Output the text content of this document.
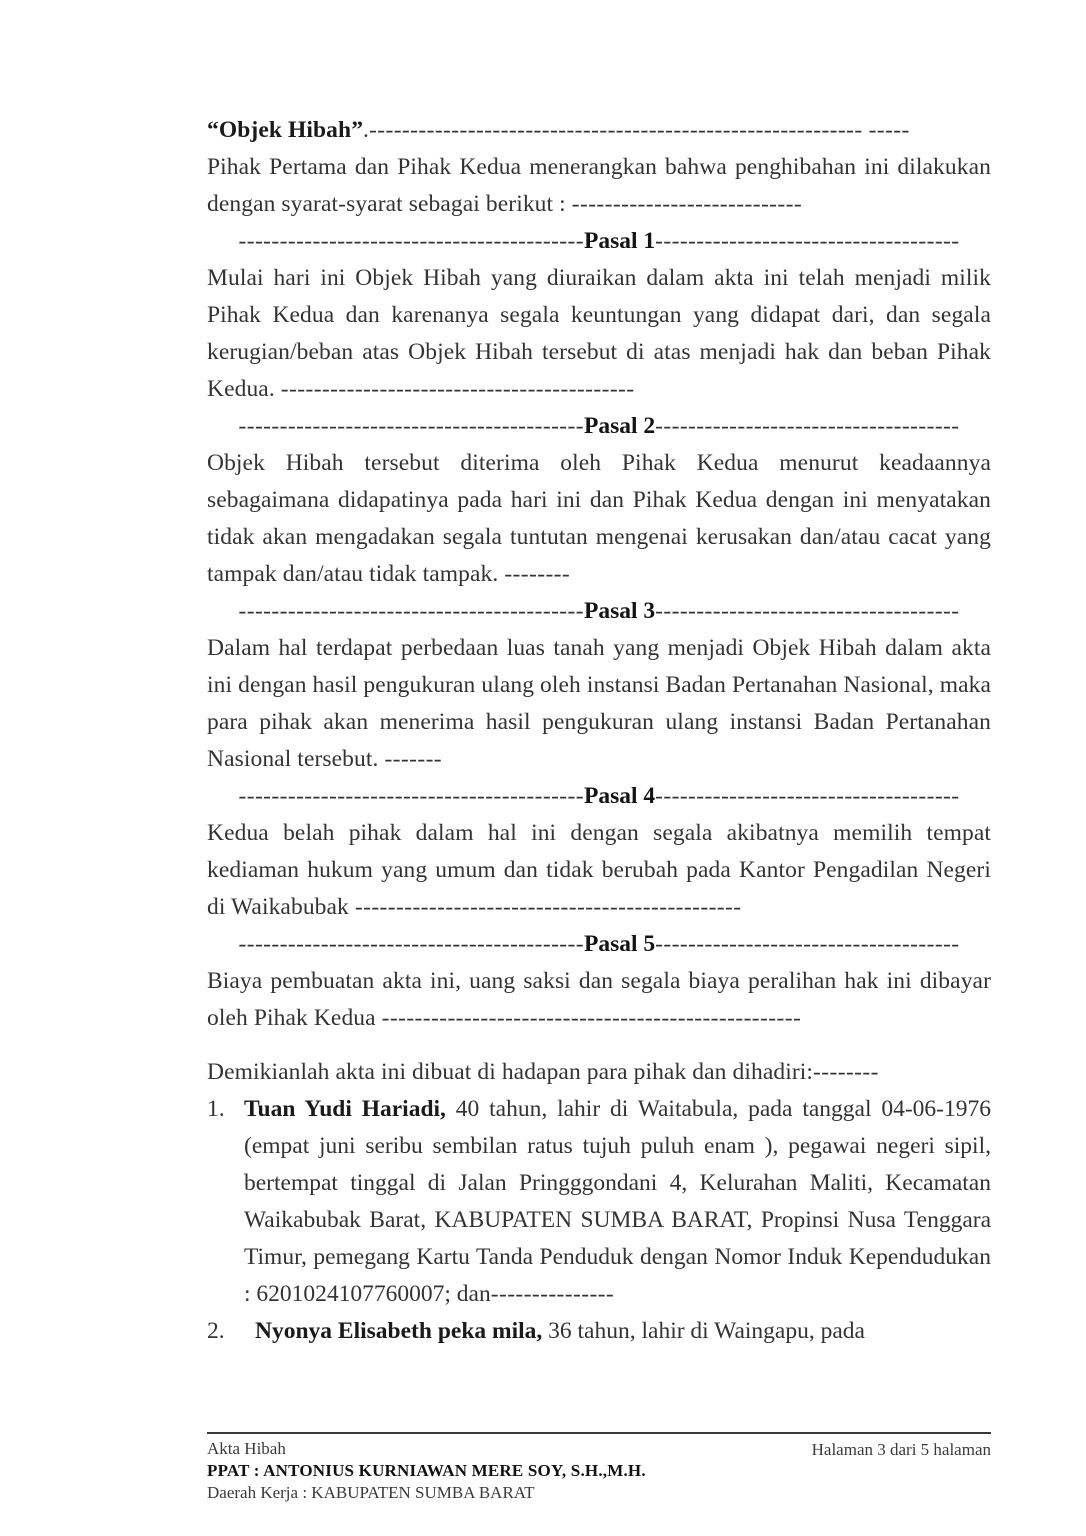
“Objek Hibah”.------------------------------------------------------------ -----

Pihak Pertama dan Pihak Kedua menerangkan bahwa penghibahan ini dilakukan dengan syarat-syarat sebagai berikut : ----------------------------

------------------------------------------Pasal 1-------------------------------------

Mulai hari ini Objek Hibah yang diuraikan dalam akta ini telah menjadi milik Pihak Kedua dan karenanya segala keuntungan yang didapat dari, dan segala kerugian/beban atas Objek Hibah tersebut di atas menjadi hak dan beban Pihak Kedua. -------------------------------------------

------------------------------------------Pasal 2-------------------------------------

Objek Hibah tersebut diterima oleh Pihak Kedua menurut keadaannya sebagaimana didapatinya pada hari ini dan Pihak Kedua dengan ini menyatakan tidak akan mengadakan segala tuntutan mengenai kerusakan dan/atau cacat yang tampak dan/atau tidak tampak. --------

------------------------------------------Pasal 3-------------------------------------

Dalam hal terdapat perbedaan luas tanah yang menjadi Objek Hibah dalam akta ini dengan hasil pengukuran ulang oleh instansi Badan Pertanahan Nasional, maka para pihak akan menerima hasil pengukuran ulang instansi Badan Pertanahan Nasional tersebut. -------

------------------------------------------Pasal 4-------------------------------------

Kedua belah pihak dalam hal ini dengan segala akibatnya memilih tempat kediaman hukum yang umum dan tidak berubah pada Kantor Pengadilan Negeri di Waikabubak -----------------------------------------------

------------------------------------------Pasal 5-------------------------------------

Biaya pembuatan akta ini, uang saksi dan segala biaya peralihan hak ini dibayar oleh Pihak Kedua ---------------------------------------------------

Demikianlah akta ini dibuat di hadapan para pihak dan dihadiri:--------

1. Tuan Yudi Hariadi, 40 tahun, lahir di Waitabula, pada tanggal 04-06-1976 (empat juni seribu sembilan ratus tujuh puluh enam ), pegawai negeri sipil, bertempat tinggal di Jalan Pringggondani 4, Kelurahan Maliti, Kecamatan Waikabubak Barat, KABUPATEN SUMBA BARAT, Propinsi Nusa Tenggara Timur, pemegang Kartu Tanda Penduduk dengan Nomor Induk Kependudukan : 6201024107760007; dan---------------
2.	Nyonya Elisabeth peka mila, 36 tahun, lahir di Waingapu, pada
Akta Hibah
PPAT : ANTONIUS KURNIAWAN MERE SOY, S.H.,M.H.
Daerah Kerja : KABUPATEN SUMBA BARAT
Halaman 3 dari 5 halaman
